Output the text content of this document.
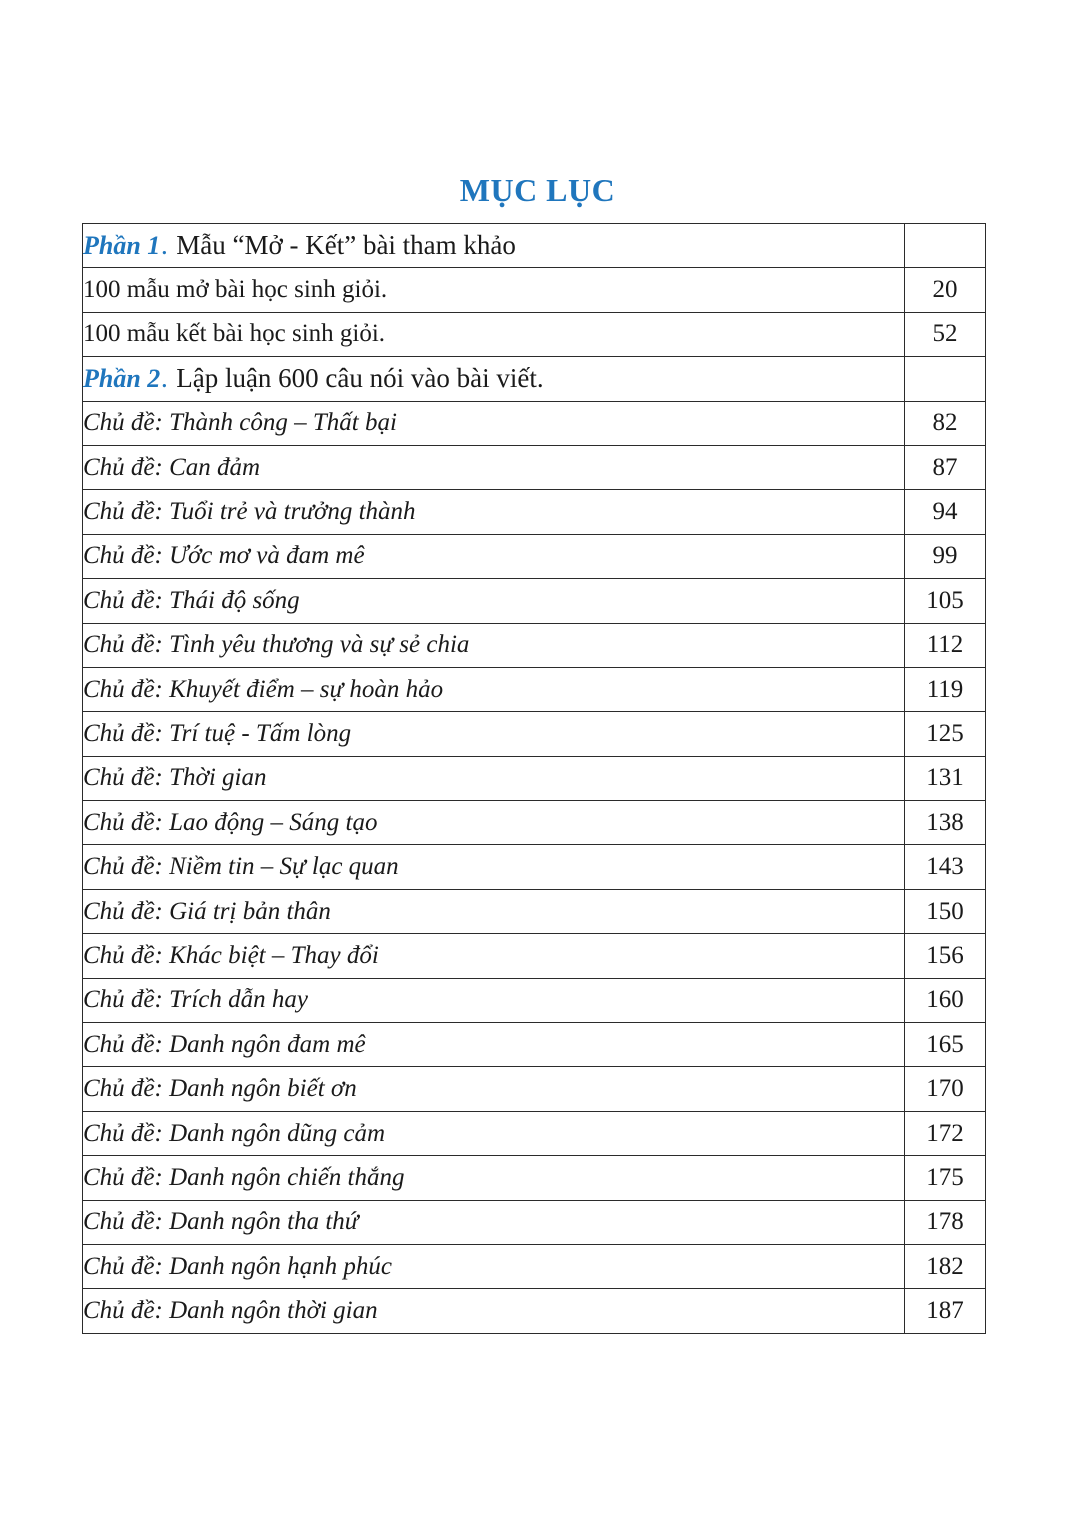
MỤC LỤC
Phần 1. Mẫu “Mở - Kết” bài tham khảo	
100 mẫu mở bài học sinh giỏi.	20
100 mẫu kết bài học sinh giỏi.	52
Phần 2. Lập luận 600 câu nói vào bài viết.	
Chủ đề: Thành công – Thất bại	82
Chủ đề: Can đảm	87
Chủ đề: Tuổi trẻ và trưởng thành	94
Chủ đề: Ước mơ và đam mê	99
Chủ đề: Thái độ sống	105
Chủ đề: Tình yêu thương và sự sẻ chia	112
Chủ đề: Khuyết điểm – sự hoàn hảo	119
Chủ đề: Trí tuệ - Tấm lòng	125
Chủ đề: Thời gian	131
Chủ đề: Lao động – Sáng tạo	138
Chủ đề: Niềm tin – Sự lạc quan	143
Chủ đề: Giá trị bản thân	150
Chủ đề: Khác biệt – Thay đổi	156
Chủ đề: Trích dẫn hay	160
Chủ đề: Danh ngôn đam mê	165
Chủ đề: Danh ngôn biết ơn	170
Chủ đề: Danh ngôn dũng cảm	172
Chủ đề: Danh ngôn chiến thắng	175
Chủ đề: Danh ngôn tha thứ	178
Chủ đề: Danh ngôn hạnh phúc	182
Chủ đề: Danh ngôn thời gian	187
